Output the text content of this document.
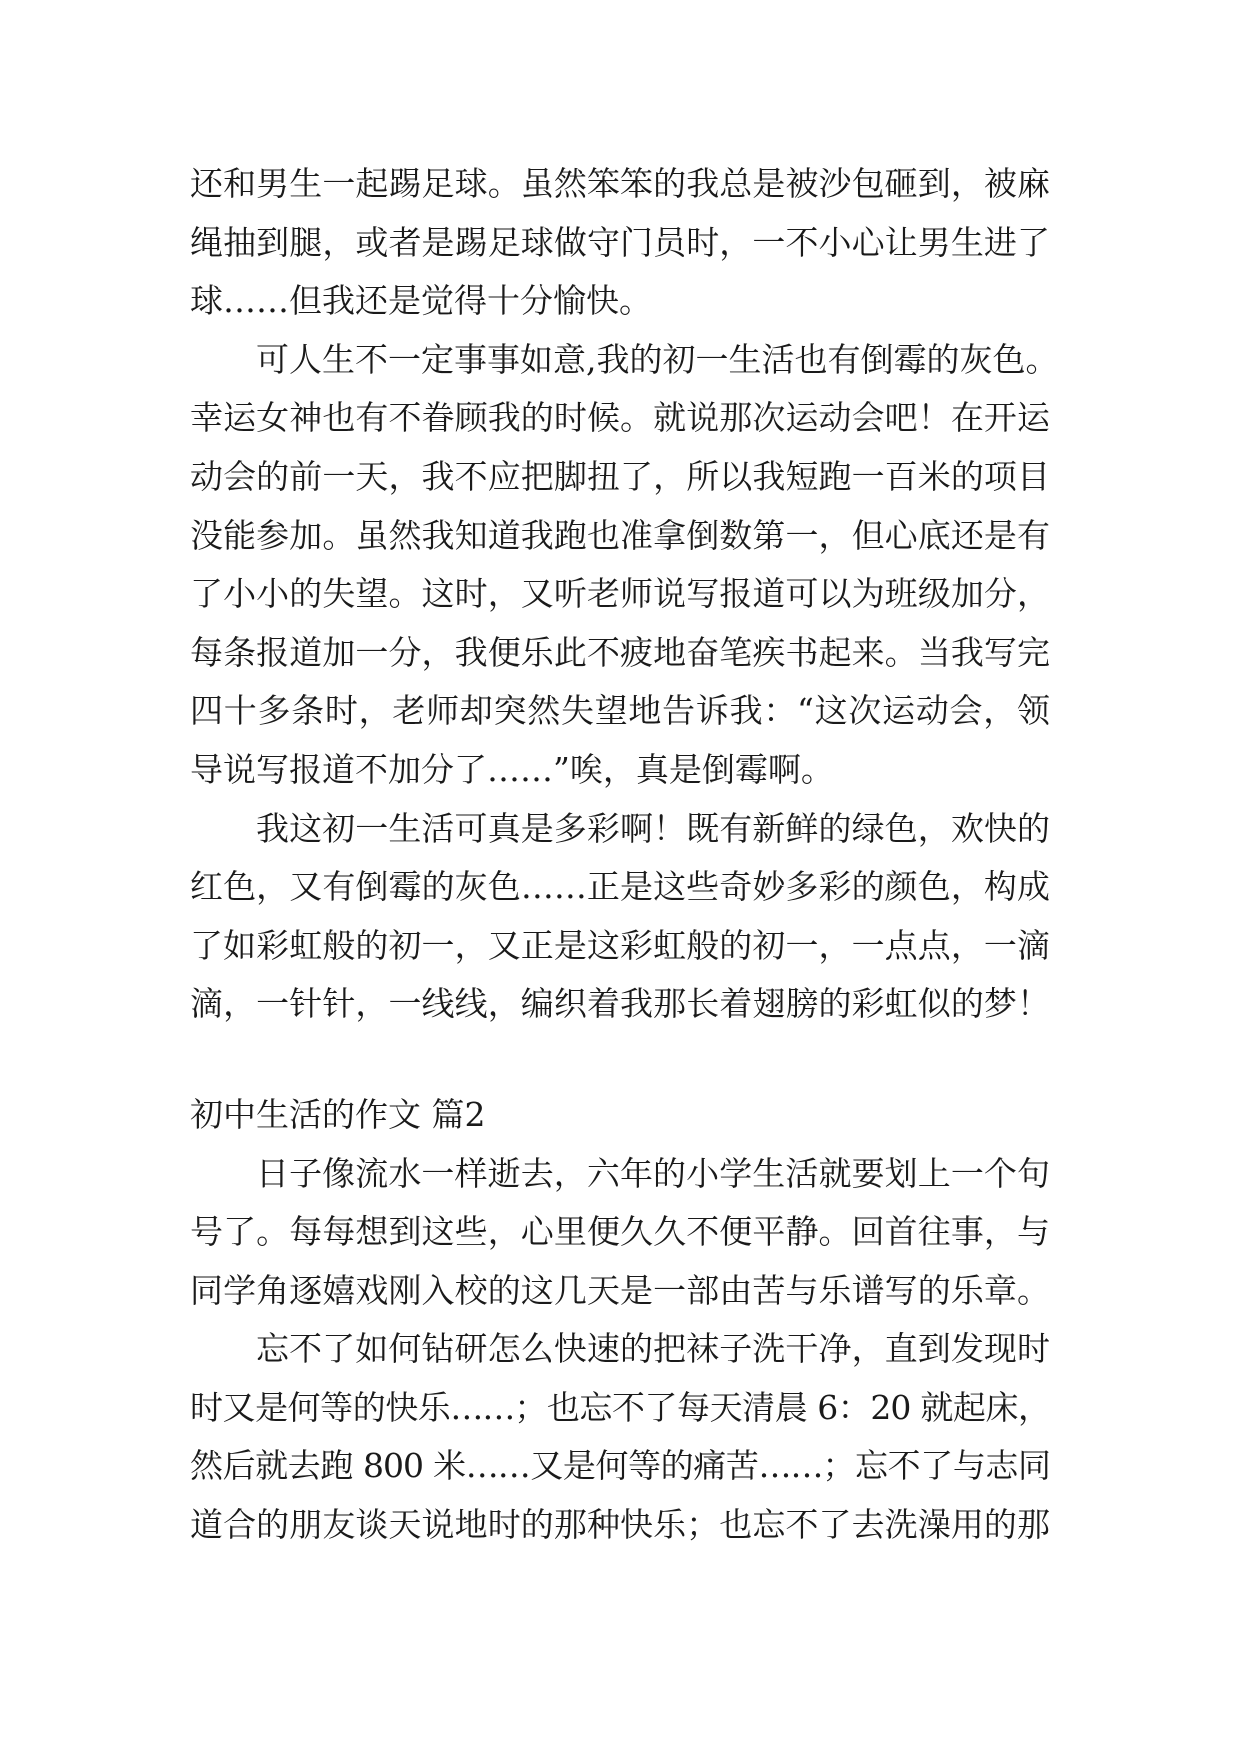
还和男生一起踢足球。虽然笨笨的我总是被沙包砸到，被麻
绳抽到腿，或者是踢足球做守门员时，一不小心让男生进了
球……但我还是觉得十分愉快。
可人生不一定事事如意,我的初一生活也有倒霉的灰色。
幸运女神也有不眷顾我的时候。就说那次运动会吧！在开运
动会的前一天，我不应把脚扭了，所以我短跑一百米的项目
没能参加。虽然我知道我跑也准拿倒数第一，但心底还是有
了小小的失望。这时，又听老师说写报道可以为班级加分，
每条报道加一分，我便乐此不疲地奋笔疾书起来。当我写完
四十多条时，老师却突然失望地告诉我：“这次运动会，领
导说写报道不加分了……”唉，真是倒霉啊。
我这初一生活可真是多彩啊！既有新鲜的绿色，欢快的
红色，又有倒霉的灰色……正是这些奇妙多彩的颜色，构成
了如彩虹般的初一，又正是这彩虹般的初一，一点点，一滴
滴，一针针，一线线，编织着我那长着翅膀的彩虹似的梦！
初中生活的作文 篇2
日子像流水一样逝去，六年的小学生活就要划上一个句
号了。每每想到这些，心里便久久不便平静。回首往事，与
同学角逐嬉戏刚入校的这几天是一部由苦与乐谱写的乐章。
忘不了如何钻研怎么快速的把袜子洗干净，直到发现时
时又是何等的快乐……；也忘不了每天清晨 6：20 就起床，
然后就去跑 800 米……又是何等的痛苦……；忘不了与志同
道合的朋友谈天说地时的那种快乐；也忘不了去洗澡用的那
